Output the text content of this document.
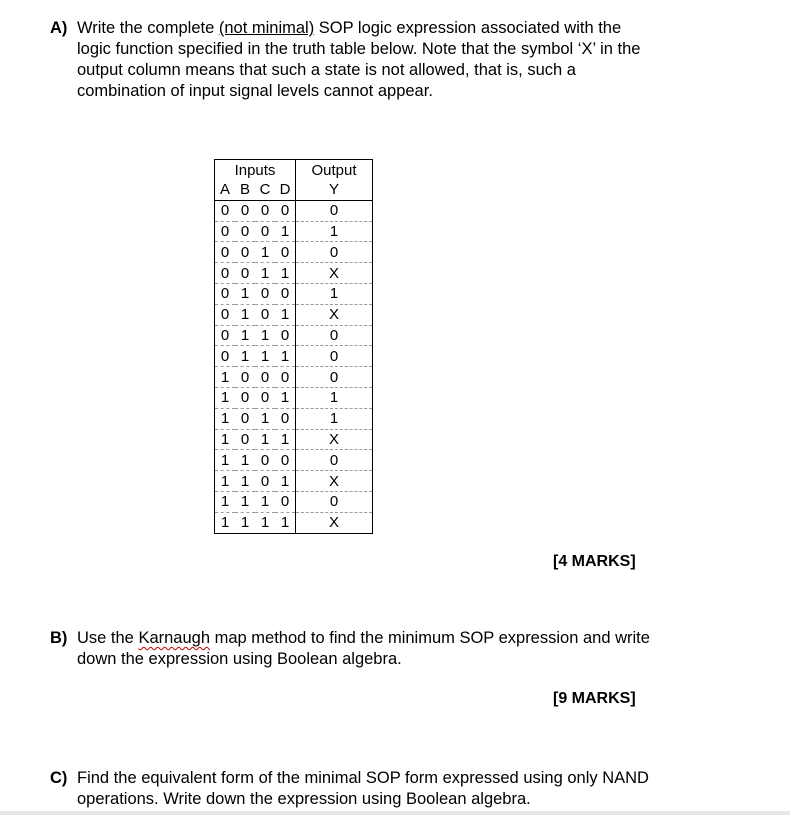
A) Write the complete (not minimal) SOP logic expression associated with the logic function specified in the truth table below. Note that the symbol ‘X’ in the output column means that such a state is not allowed, that is, such a combination of input signal levels cannot appear.
Inputs				Output
A	B	C	D	Y
0	0	0	0	0
0	0	0	1	1
0	0	1	0	0
0	0	1	1	X
0	1	0	0	1
0	1	0	1	X
0	1	1	0	0
0	1	1	1	0
1	0	0	0	0
1	0	0	1	1
1	0	1	0	1
1	0	1	1	X
1	1	0	0	0
1	1	0	1	X
1	1	1	0	0
1	1	1	1	X
[4 MARKS]
B) Use the Karnaugh map method to find the minimum SOP expression and write down the expression using Boolean algebra.
[9 MARKS]
C) Find the equivalent form of the minimal SOP form expressed using only NAND operations. Write down the expression using Boolean algebra.
